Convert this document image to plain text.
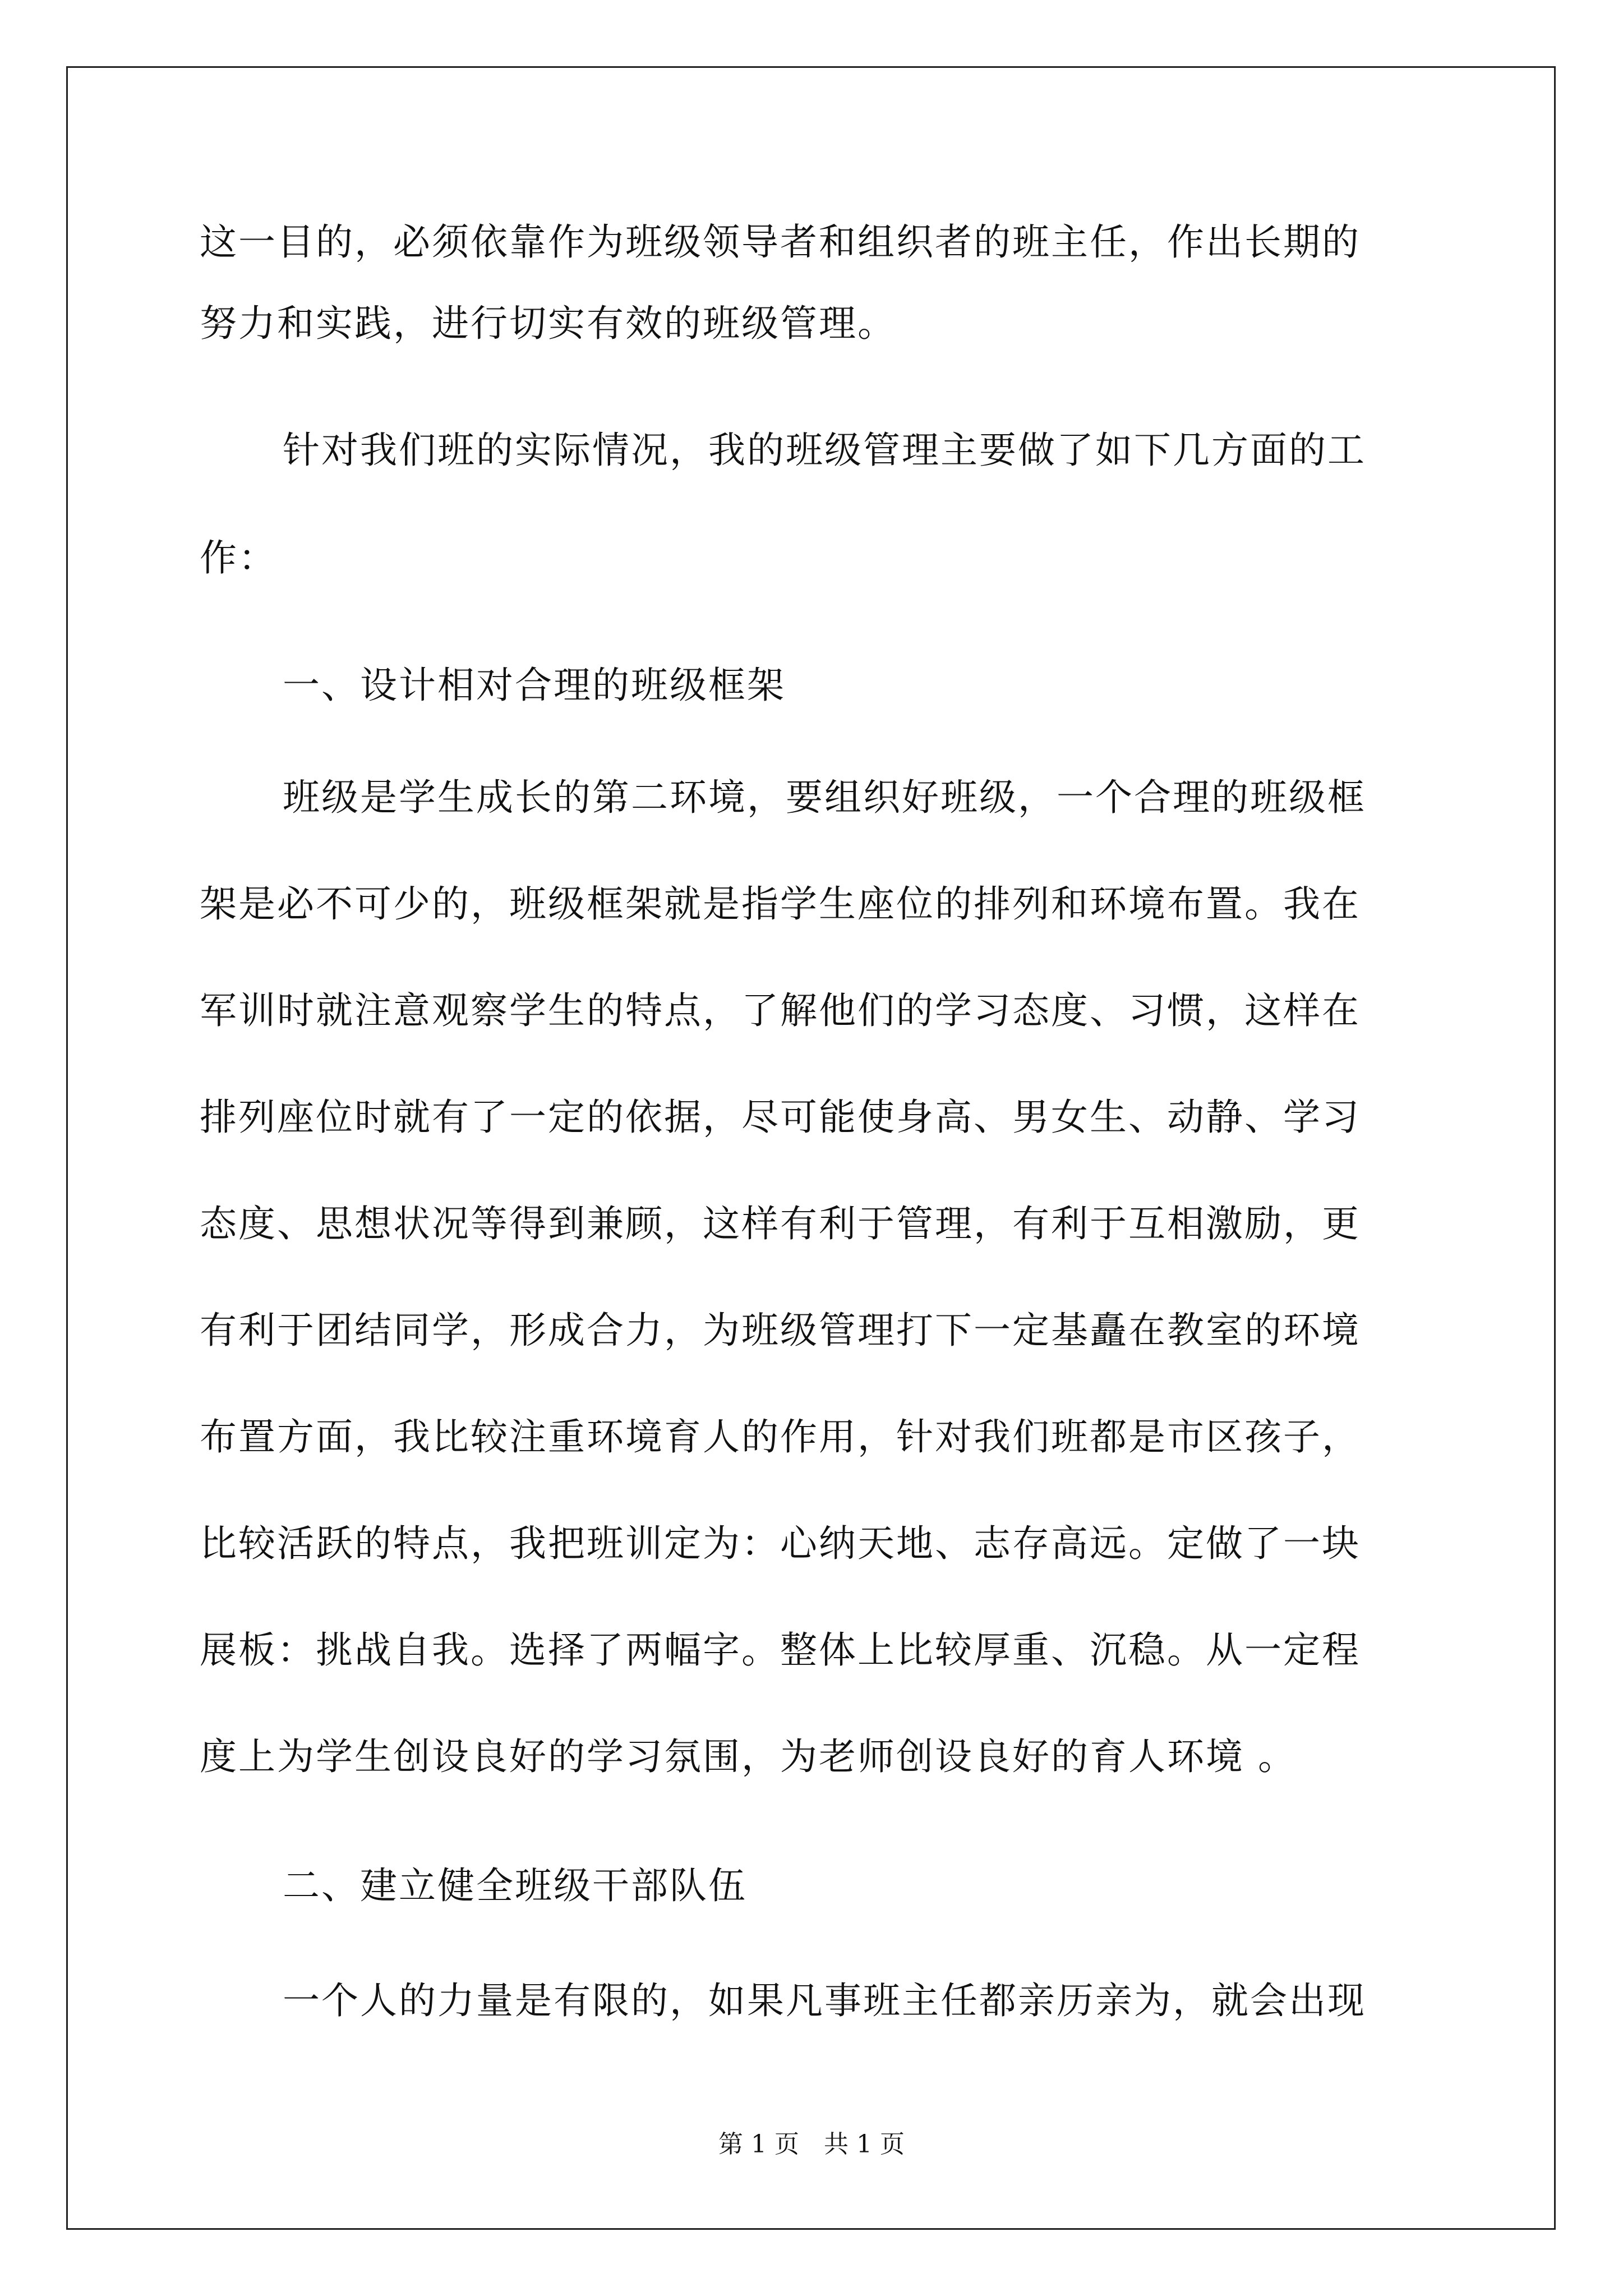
这一目的，必须依靠作为班级领导者和组织者的班主任，作出长期的
努力和实践，进行切实有效的班级管理。
针对我们班的实际情况，我的班级管理主要做了如下几方面的工
作：
一、设计相对合理的班级框架
班级是学生成长的第二环境，要组织好班级，一个合理的班级框
架是必不可少的，班级框架就是指学生座位的排列和环境布置。我在
军训时就注意观察学生的特点，了解他们的学习态度、习惯，这样在
排列座位时就有了一定的依据，尽可能使身高、男女生、动静、学习
态度、思想状况等得到兼顾，这样有利于管理，有利于互相激励，更
有利于团结同学，形成合力，为班级管理打下一定基矗在教室的环境
布置方面，我比较注重环境育人的作用，针对我们班都是市区孩子，
比较活跃的特点，我把班训定为：心纳天地、志存高远。定做了一块
展板：挑战自我。选择了两幅字。整体上比较厚重、沉稳。从一定程
度上为学生创设良好的学习氛围，为老师创设良好的育人环境 。
二、建立健全班级干部队伍
一个人的力量是有限的，如果凡事班主任都亲历亲为，就会出现
第 1 页　共 1 页
